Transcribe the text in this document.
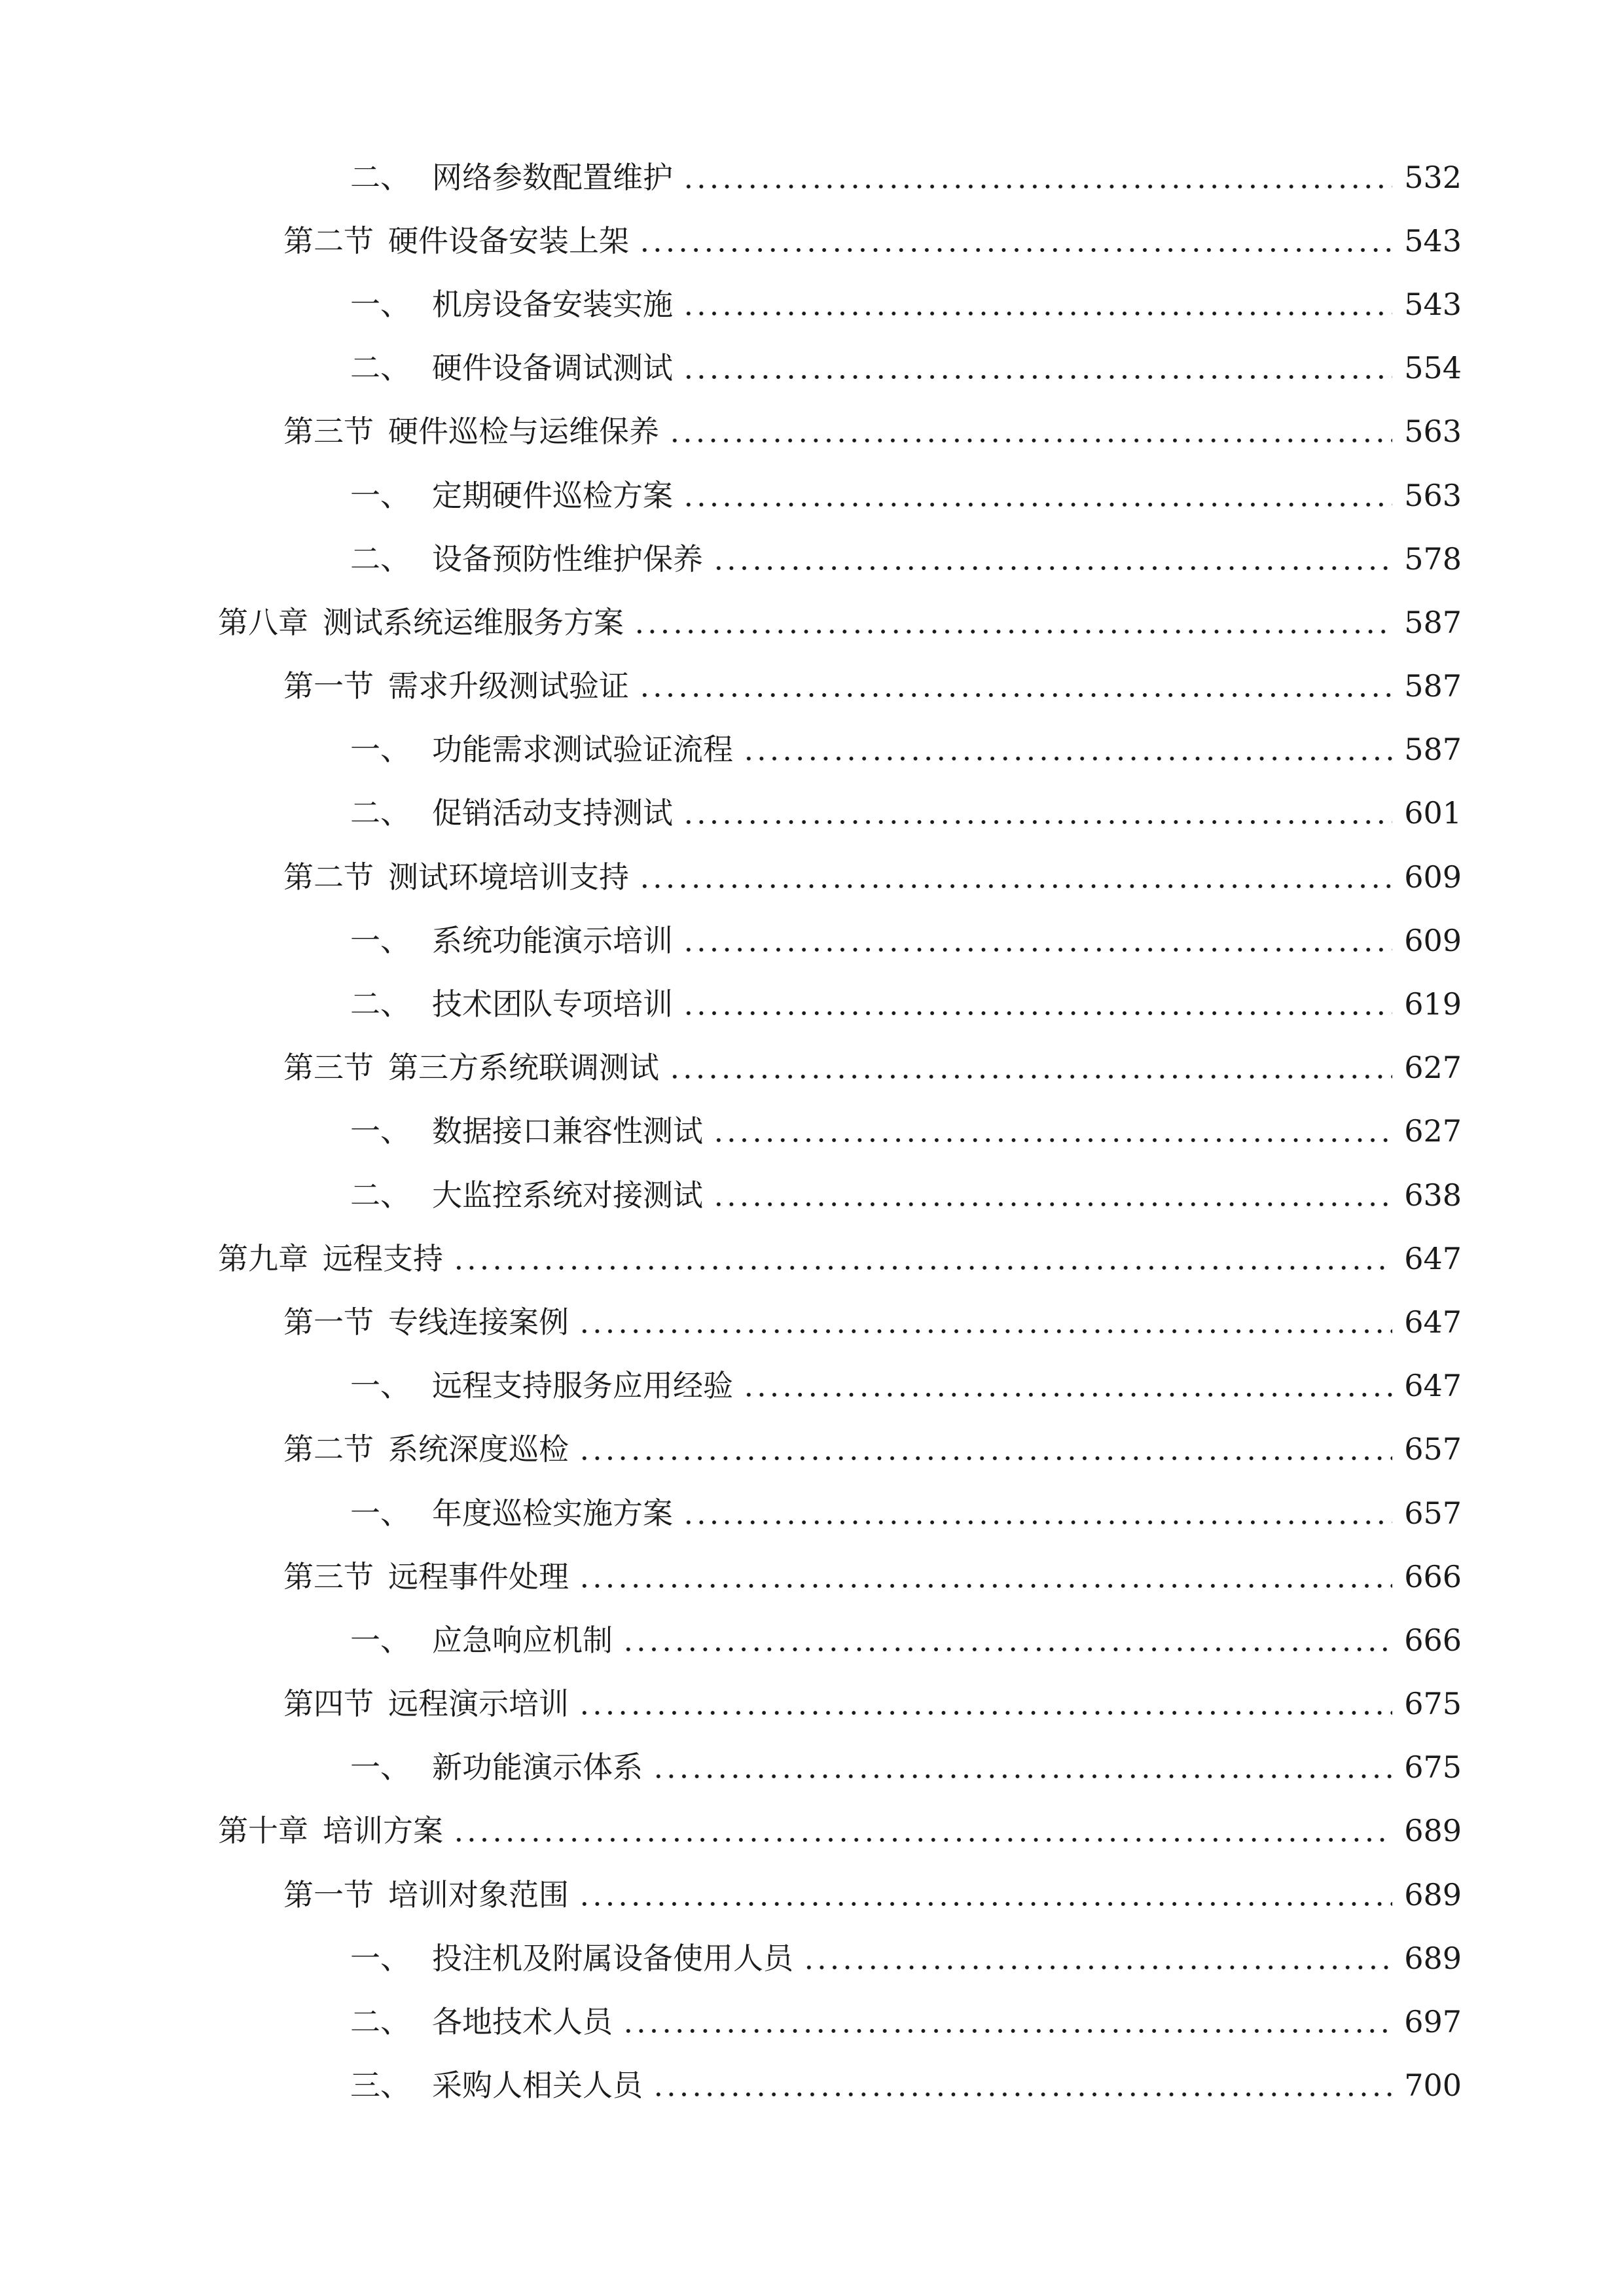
二、 网络参数配置维护	532
第二节 硬件设备安装上架	543
一、 机房设备安装实施	543
二、 硬件设备调试测试	554
第三节 硬件巡检与运维保养	563
一、 定期硬件巡检方案	563
二、 设备预防性维护保养	578
第八章 测试系统运维服务方案	587
第一节 需求升级测试验证	587
一、 功能需求测试验证流程	587
二、 促销活动支持测试	601
第二节 测试环境培训支持	609
一、 系统功能演示培训	609
二、 技术团队专项培训	619
第三节 第三方系统联调测试	627
一、 数据接口兼容性测试	627
二、 大监控系统对接测试	638
第九章 远程支持	647
第一节 专线连接案例	647
一、 远程支持服务应用经验	647
第二节 系统深度巡检	657
一、 年度巡检实施方案	657
第三节 远程事件处理	666
一、 应急响应机制	666
第四节 远程演示培训	675
一、 新功能演示体系	675
第十章 培训方案	689
第一节 培训对象范围	689
一、 投注机及附属设备使用人员	689
二、 各地技术人员	697
三、 采购人相关人员	700
